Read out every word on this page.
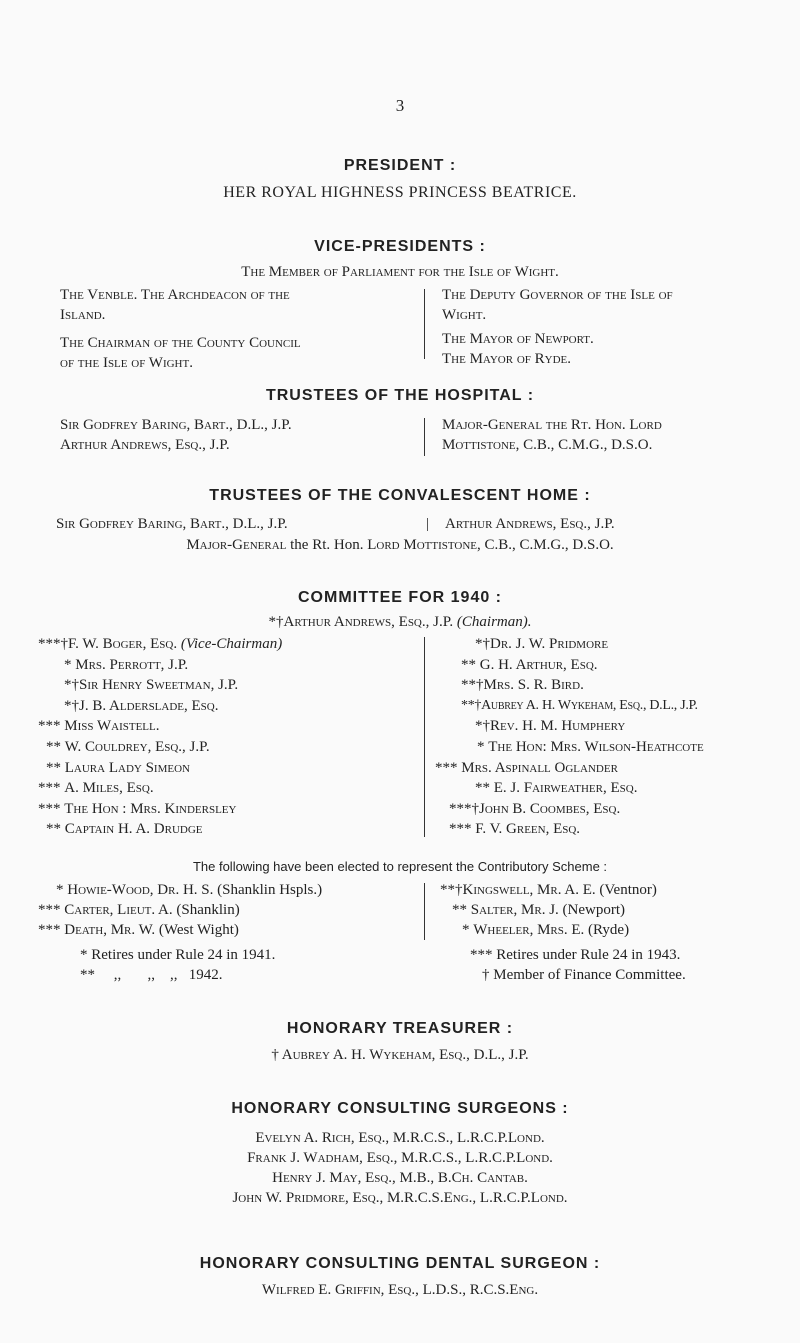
3
PRESIDENT :
HER ROYAL HIGHNESS PRINCESS BEATRICE.
VICE-PRESIDENTS :
The Member of Parliament for the Isle of Wight.
The Venble. The Archdeacon of the
Island.
The Chairman of the County Council
of the Isle of Wight.
The Deputy Governor of the Isle of
Wight.
The Mayor of Newport.
The Mayor of Ryde.
TRUSTEES OF THE HOSPITAL :
Sir Godfrey Baring, Bart., D.L., J.P.
Arthur Andrews, Esq., J.P.
Major-General the Rt. Hon. Lord
Mottistone, C.B., C.M.G., D.S.O.
TRUSTEES OF THE CONVALESCENT HOME :
Sir Godfrey Baring, Bart., D.L., J.P.	| Arthur Andrews, Esq., J.P.
Major-General the Rt. Hon. Lord Mottistone, C.B., C.M.G., D.S.O.
COMMITTEE FOR 1940 :
*†Arthur Andrews, Esq., J.P. (Chairman).
***†F. W. Boger, Esq. (Vice-Chairman)
* Mrs. Perrott, J.P.
*†Sir Henry Sweetman, J.P.
*†J. B. Alderslade, Esq.
*** Miss Waistell.
** W. Couldrey, Esq., J.P.
** Laura Lady Simeon
*** A. Miles, Esq.
*** The Hon : Mrs. Kindersley
** Captain H. A. Drudge
*†Dr. J. W. Pridmore
** G. H. Arthur, Esq.
**†Mrs. S. R. Bird.
**†Aubrey A. H. Wykeham, Esq., D.L., J.P.
*†Rev. H. M. Humphery
* The Hon: Mrs. Wilson-Heathcote
*** Mrs. Aspinall Oglander
** E. J. Fairweather, Esq.
***†John B. Coombes, Esq.
*** F. V. Green, Esq.
The following have been elected to represent the Contributory Scheme :
* Howie-Wood, Dr. H. S. (Shanklin Hspls.)
*** Carter, Lieut. A. (Shanklin)
*** Death, Mr. W. (West Wight)
**†Kingswell, Mr. A. E. (Ventnor)
** Salter, Mr. J. (Newport)
* Wheeler, Mrs. E. (Ryde)
* Retires under Rule 24 in 1941.
**     ,,       ,,    ,,   1942.
*** Retires under Rule 24 in 1943.
† Member of Finance Committee.
HONORARY TREASURER :
† Aubrey A. H. Wykeham, Esq., D.L., J.P.
HONORARY CONSULTING SURGEONS :
Evelyn A. Rich, Esq., M.R.C.S., L.R.C.P.Lond.
Frank J. Wadham, Esq., M.R.C.S., L.R.C.P.Lond.
Henry J. May, Esq., M.B., B.Ch. Cantab.
John W. Pridmore, Esq., M.R.C.S.Eng., L.R.C.P.Lond.
HONORARY CONSULTING DENTAL SURGEON :
Wilfred E. Griffin, Esq., L.D.S., R.C.S.Eng.
